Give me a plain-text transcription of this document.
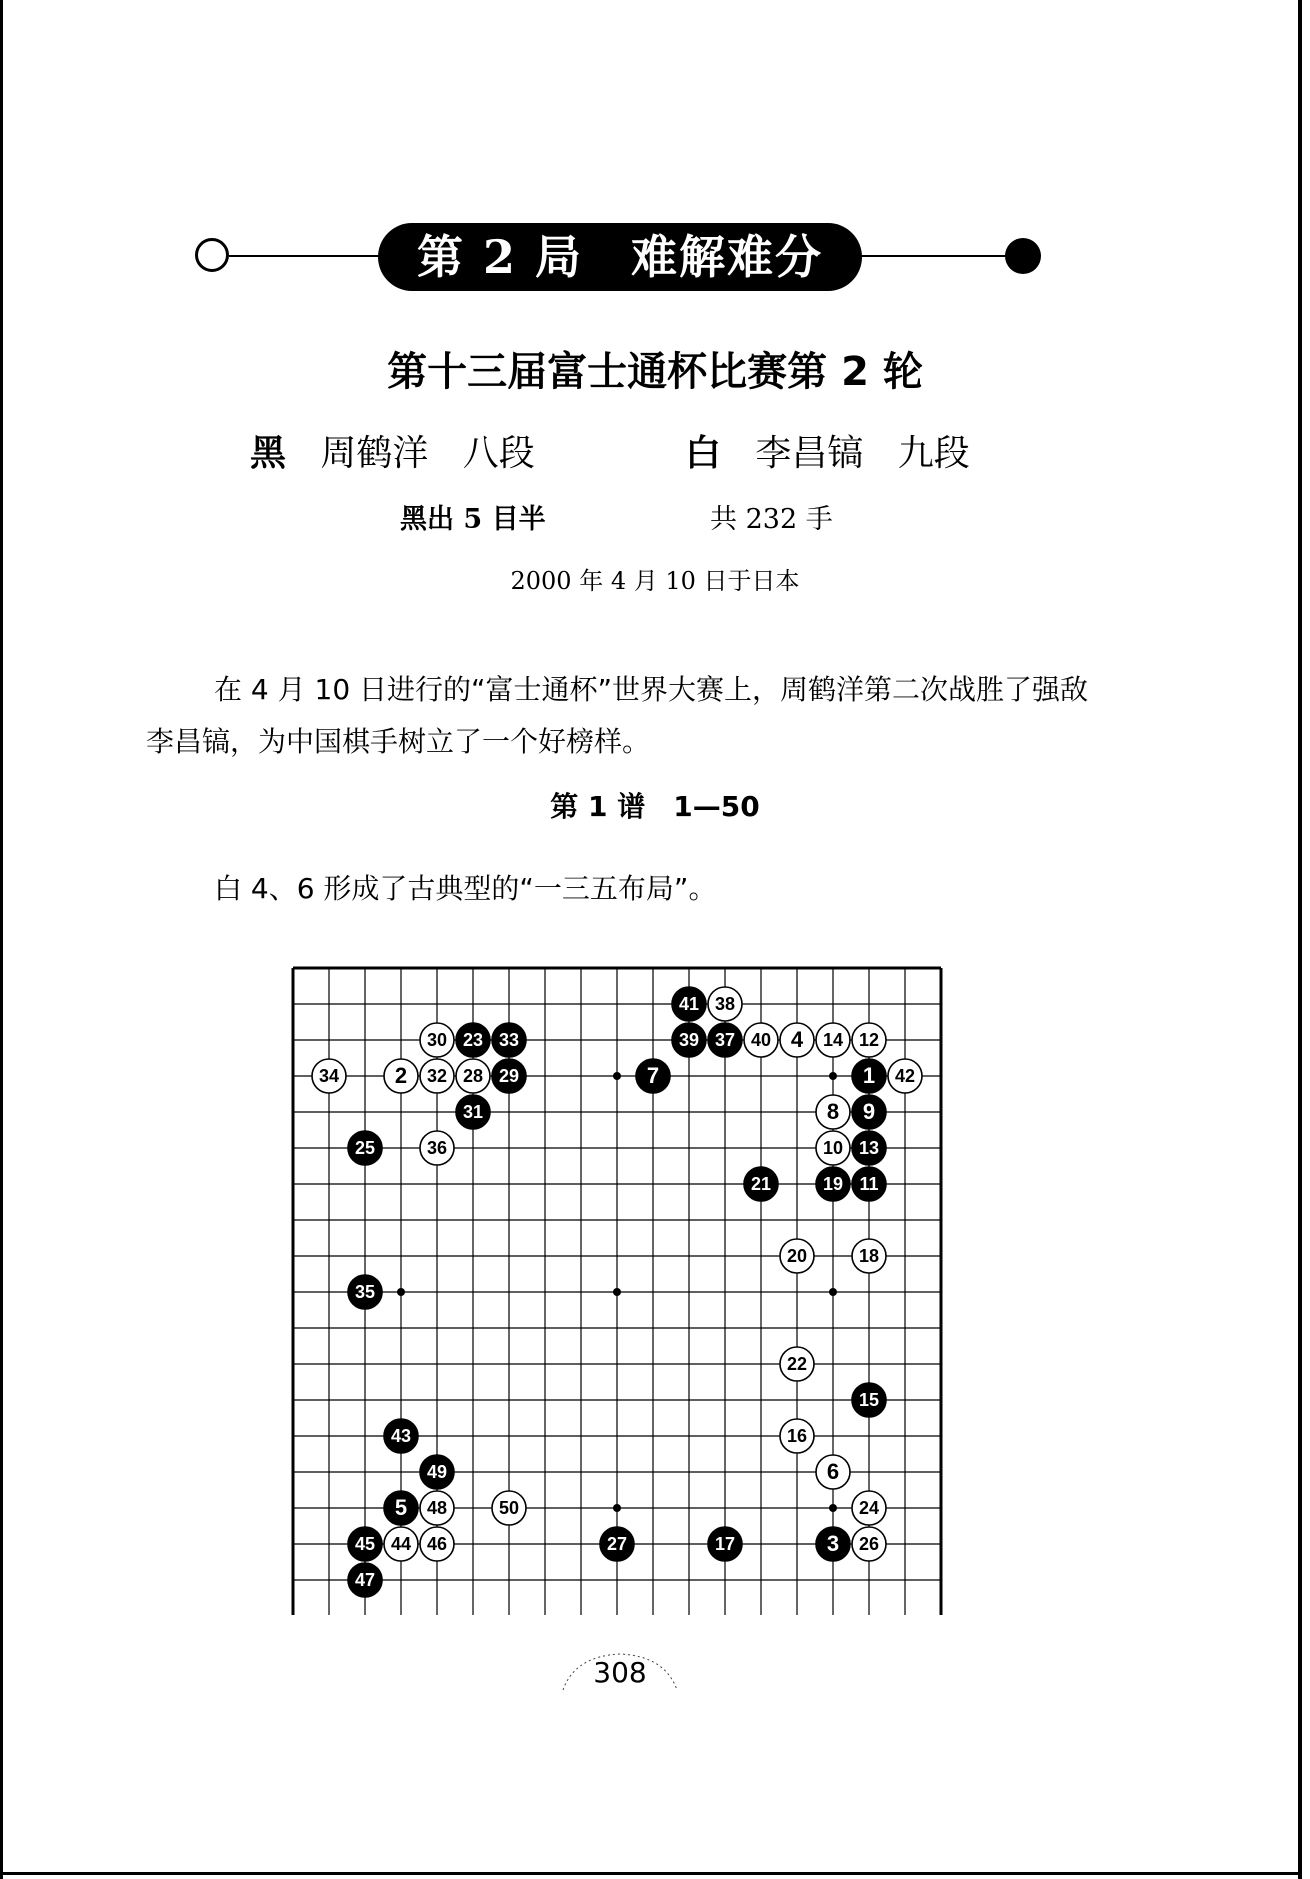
第 2 局　难解难分
第十三届富士通杯比赛第 2 轮
黑 周鹤洋 八段	白 李昌镐 九段
黑出 5 目半	共 232 手
2000 年 4 月 10 日于日本
在 4 月 10 日进行的“富士通杯”世界大赛上，周鹤洋第二次战胜了强敌李昌镐，为中国棋手树立了一个好榜样。
第 1 谱　1—50
白 4、6 形成了古典型的“一三五布局”。
1
2
3
4
5
6
7
8 9
10
11
12
13
14
15
16
17
18
19
20
21
22
23
24
25
26
27
28 29
30
31
32
33
34
35
36
37
38
39	40
41
42
43
44
45	46
47
48
49
50
308
